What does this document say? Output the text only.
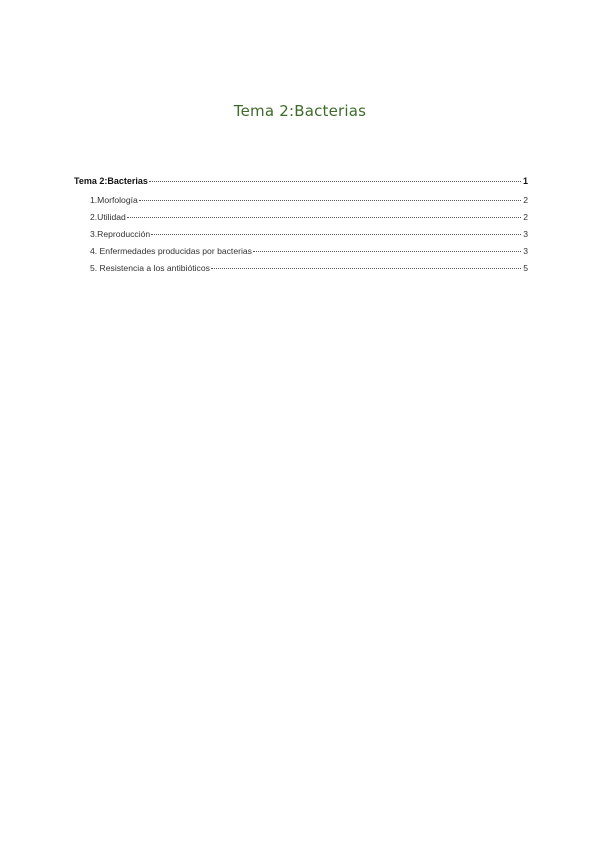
Tema 2:Bacterias
Tema 2:Bacterias	1
1.Morfología	2
2.Utilidad	2
3.Reproducción	3
4. Enfermedades producidas por bacterias	3
5. Resistencia a los antibióticos	5
